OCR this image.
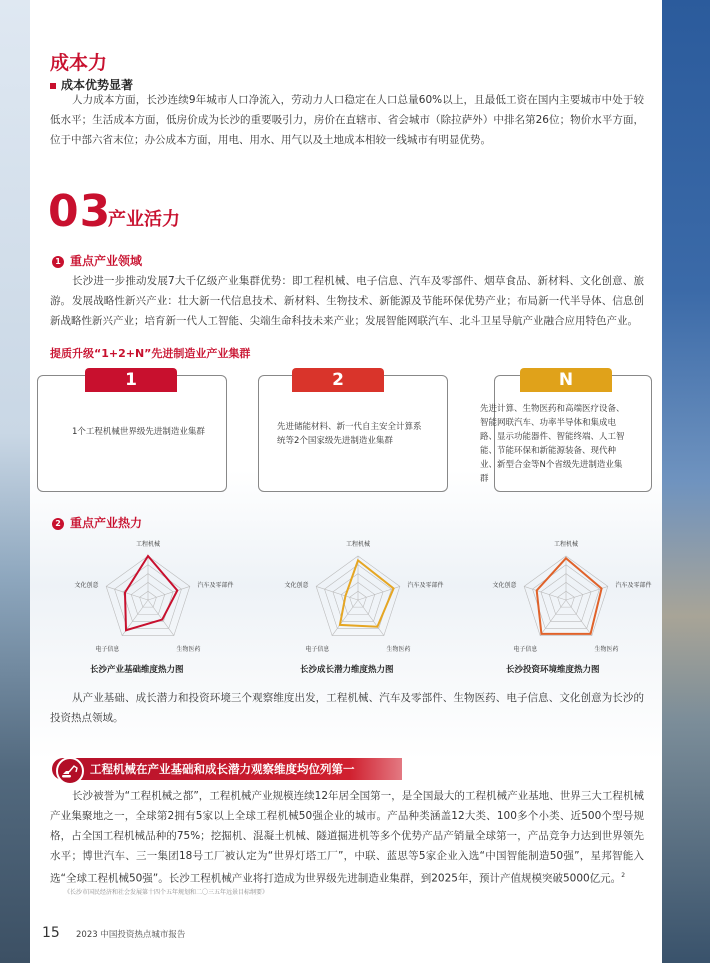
成本力
成本优势显著
人力成本方面，长沙连续9年城市人口净流入，劳动力人口稳定在人口总量60%以上，且最低工资在国内主要城市中处于较低水平；生活成本方面，低房价成为长沙的重要吸引力，房价在直辖市、省会城市（除拉萨外）中排名第26位；物价水平方面，位于中部六省末位；办公成本方面，用电、用水、用气以及土地成本相较一线城市有明显优势。
03
产业活力
1 重点产业领域
长沙进一步推动发展7大千亿级产业集群优势：即工程机械、电子信息、汽车及零部件、烟草食品、新材料、文化创意、旅游。 发展战略性新兴产业：壮大新一代信息技术、新材料、生物技术、新能源及节能环保优势产业；布局新一代半导体、信息创新战略性新兴产业；培育新一代人工智能、尖端生命科技未来产业；发展智能网联汽车、北斗卫星导航产业融合应用特色产业。
提质升级“1+2+N”先进制造业产业集群
1
1个工程机械世界级先进制造业集群
2
先进储能材料、新一代自主安全计算系统等2个国家级先进制造业集群
N
先进计算、生物医药和高端医疗设备、智能网联汽车、功率半导体和集成电路、显示功能器件、智能终端、人工智能、节能环保和新能源装备、现代种业、新型合金等N个省级先进制造业集群
2 重点产业热力
工程机械
汽车及零部件
生物医药
电子信息
文化创意
工程机械
汽车及零部件
生物医药
电子信息
文化创意
工程机械
汽车及零部件
生物医药
电子信息
文化创意
长沙产业基础维度热力图	长沙成长潜力维度热力图	长沙投资环境维度热力图
从产业基础、成长潜力和投资环境三个观察维度出发，工程机械、汽车及零部件、生物医药、电子信息、文化创意为长沙的投资热点领域。
工程机械在产业基础和成长潜力观察维度均位列第一
长沙被誉为“工程机械之都”，工程机械产业规模连续12年居全国第一，是全国最大的工程机械产业基地、世界三大工程机械产业集聚地之一，全球第2拥有5家以上全球工程机械50强企业的城市。产品种类涵盖12大类、100多个小类、近500个型号规格，占全国工程机械品种的75%；挖掘机、混凝土机械、隧道掘进机等多个优势产品产销量全球第一，产品竞争力达到世界领先水平；博世汽车、三一集团18号工厂被认定为“世界灯塔工厂”，中联、蓝思等5家企业入选“中国智能制造50强”，星邦智能入选“全球工程机械50强”。长沙工程机械产业将打造成为世界级先进制造业集群，到2025年，预计产值规模突破5000亿元。$^2$
《长沙市国民经济和社会发展第十四个五年规划和二〇三五年远景目标纲要》
15 2023 中国投资热点城市报告
